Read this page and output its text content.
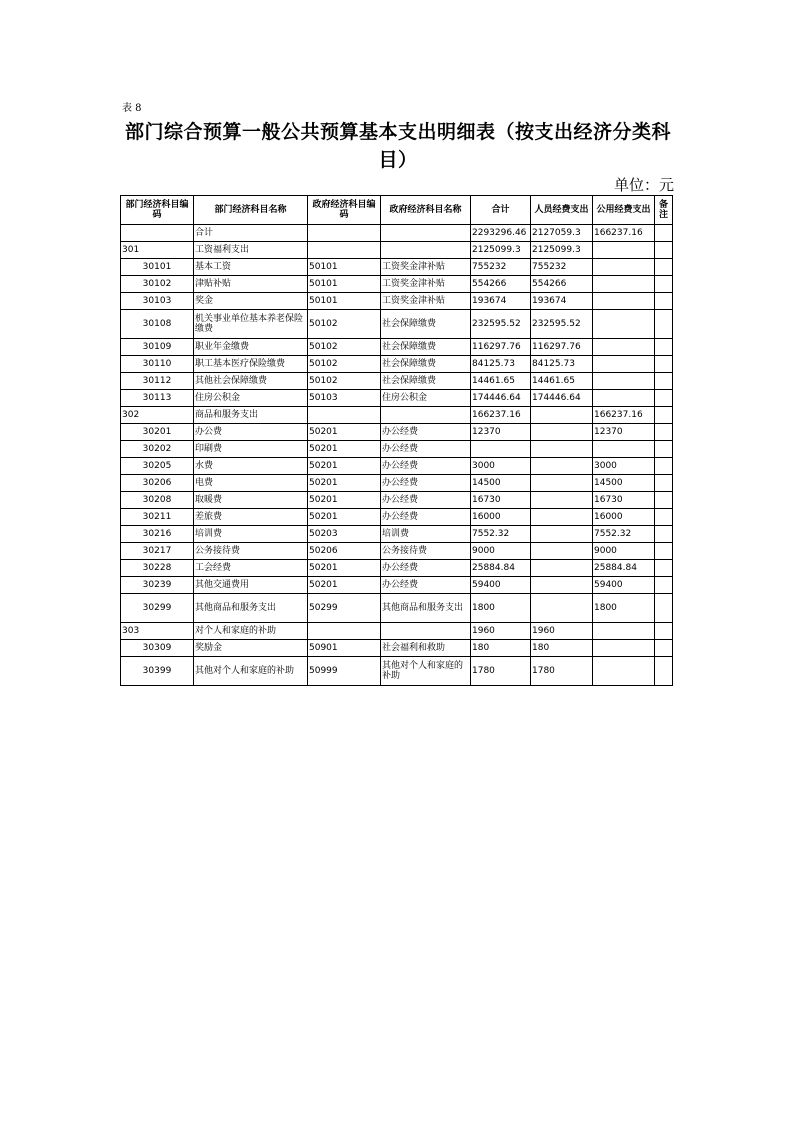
表 8
部门综合预算一般公共预算基本支出明细表（按支出经济分类科目）
单位：元
部门经济科目编码	部门经济科目名称	政府经济科目编码	政府经济科目名称	合计	人员经费支出	公用经费支出	备注
	合计			2293296.46	2127059.3	166237.16	
301	工资福利支出			2125099.3	2125099.3		
30101	基本工资	50101	工资奖金津补贴	755232	755232		
30102	津贴补贴	50101	工资奖金津补贴	554266	554266		
30103	奖金	50101	工资奖金津补贴	193674	193674		
30108	机关事业单位基本养老保险缴费	50102	社会保障缴费	232595.52	232595.52		
30109	职业年金缴费	50102	社会保障缴费	116297.76	116297.76		
30110	职工基本医疗保险缴费	50102	社会保障缴费	84125.73	84125.73		
30112	其他社会保障缴费	50102	社会保障缴费	14461.65	14461.65		
30113	住房公积金	50103	住房公积金	174446.64	174446.64		
302	商品和服务支出			166237.16		166237.16	
30201	办公费	50201	办公经费	12370		12370	
30202	印刷费	50201	办公经费				
30205	水费	50201	办公经费	3000		3000	
30206	电费	50201	办公经费	14500		14500	
30208	取暖费	50201	办公经费	16730		16730	
30211	差旅费	50201	办公经费	16000		16000	
30216	培训费	50203	培训费	7552.32		7552.32	
30217	公务接待费	50206	公务接待费	9000		9000	
30228	工会经费	50201	办公经费	25884.84		25884.84	
30239	其他交通费用	50201	办公经费	59400		59400	
30299	其他商品和服务支出	50299	其他商品和服务支出	1800		1800	
303	对个人和家庭的补助			1960	1960		
30309	奖励金	50901	社会福利和救助	180	180		
30399	其他对个人和家庭的补助	50999	其他对个人和家庭的补助	1780	1780		
